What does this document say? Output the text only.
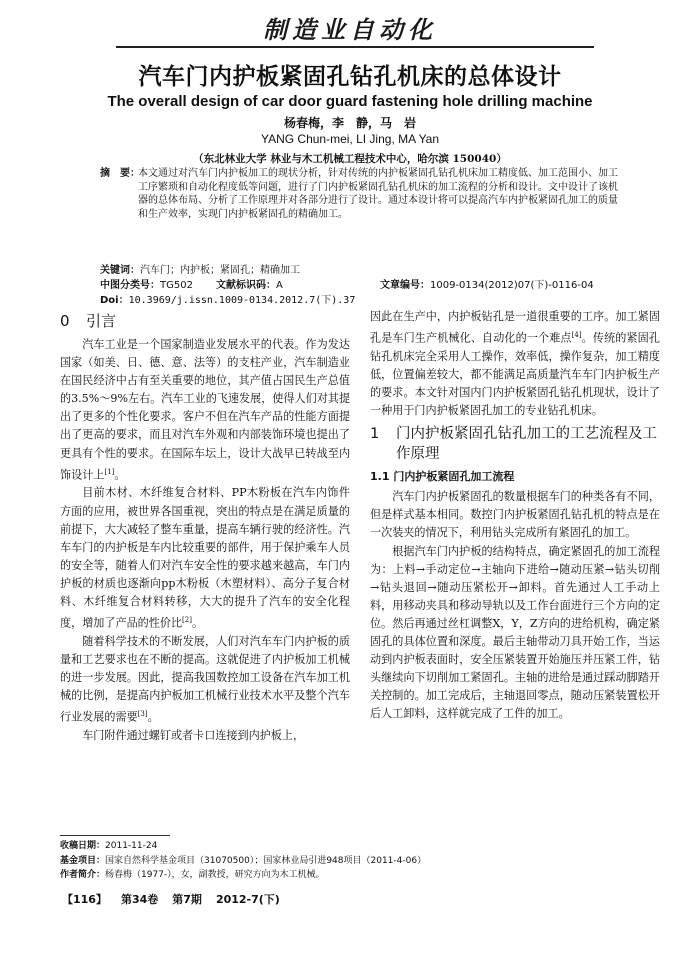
制造业自动化
汽车门内护板紧固孔钻孔机床的总体设计
The overall design of car door guard fastening hole drilling machine
杨春梅，李　静，马　岩
YANG Chun-mei, LI Jing, MA Yan
（东北林业大学 林业与木工机械工程技术中心，哈尔滨 150040）
摘　要：
本文通过对汽车门内护板加工的现状分析，针对传统的内护板紧固孔钻孔机床加工精度低、加工范围小、加工工序繁琐和自动化程度低等问题，进行了门内护板紧固孔钻孔机床的加工流程的分析和设计。文中设计了该机器的总体布局、分析了工作原理并对各部分进行了设计。通过本设计将可以提高汽车内护板紧固孔加工的质量和生产效率，实现门内护板紧固孔的精确加工。
关键词：汽车门；内护板；紧固孔；精确加工
中图分类号：TG502 文献标识码：A	文章编号：1009-0134(2012)07(下)-0116-04
Doi：10.3969/j.issn.1009-0134.2012.7(下).37
0 引言

汽车工业是一个国家制造业发展水平的代表。作为发达国家（如美、日、德、意、法等）的支柱产业，汽车制造业在国民经济中占有至关重要的地位，其产值占国民生产总值的3.5%～9%左右。汽车工业的飞速发展，使得人们对其提出了更多的个性化要求。客户不但在汽车产品的性能方面提出了更高的要求，而且对汽车外观和内部装饰环境也提出了更具有个性的要求。在国际车坛上，设计大战早已转战至内饰设计上[1]。

目前木材、木纤维复合材料、PP木粉板在汽车内饰件方面的应用，被世界各国重视，突出的特点是在满足质量的前提下，大大减轻了整车重量，提高车辆行驶的经济性。汽车车门的内护板是车内比较重要的部件，用于保护乘车人员的安全等，随着人们对汽车安全性的要求越来越高，车门内护板的材质也逐渐向pp木粉板（木塑材料）、高分子复合材料、木纤维复合材料转移，大大的提升了汽车的安全化程度，增加了产品的性价比[2]。

随着科学技术的不断发展，人们对汽车车门内护板的质量和工艺要求也在不断的提高。这就促进了内护板加工机械的进一步发展。因此，提高我国数控加工设备在汽车加工机械的比例，是提高内护板加工机械行业技术水平及整个汽车行业发展的需要[3]。

车门附件通过螺钉或者卡口连接到内护板上，

因此在生产中，内护板钻孔是一道很重要的工序。加工紧固孔是车门生产机械化、自动化的一个难点[4]。传统的紧固孔钻孔机床完全采用人工操作，效率低，操作复杂，加工精度低，位置偏差较大，都不能满足高质量汽车车门内护板生产的要求。本文针对国内门内护板紧固孔钻孔机现状，设计了一种用于门内护板紧固孔加工的专业钻孔机床。

1 门内护板紧固孔钻孔加工的工艺流程及工作原理
1.1 门内护板紧固孔加工流程

汽车门内护板紧固孔的数量根据车门的种类各有不同，但是样式基本相同。数控门内护板紧固孔钻孔机的特点是在一次装夹的情况下，利用钻头完成所有紧固孔的加工。

根据汽车门内护板的结构特点，确定紧固孔的加工流程为：上料→手动定位→主轴向下进给→随动压紧→钻头切削→钻头退回→随动压紧松开→卸料。首先通过人工手动上料，用移动夹具和移动导轨以及工作台面进行三个方向的定位。然后再通过丝杠调整X，Y，Z方向的进给机构，确定紧固孔的具体位置和深度。最后主轴带动刀具开始工作，当运动到内护板表面时，安全压紧装置开始施压并压紧工件，钻头继续向下切削加工紧固孔。主轴的进给是通过踩动脚踏开关控制的。加工完成后，主轴退回零点，随动压紧装置松开后人工卸料，这样就完成了工件的加工。

收稿日期：2011-11-24
基金项目：国家自然科学基金项目（31070500）；国家林业局引进948项目（2011-4-06）
作者简介：杨春梅（1977-），女，副教授，研究方向为木工机械。
【116】 第34卷 第7期 2012-7(下)
